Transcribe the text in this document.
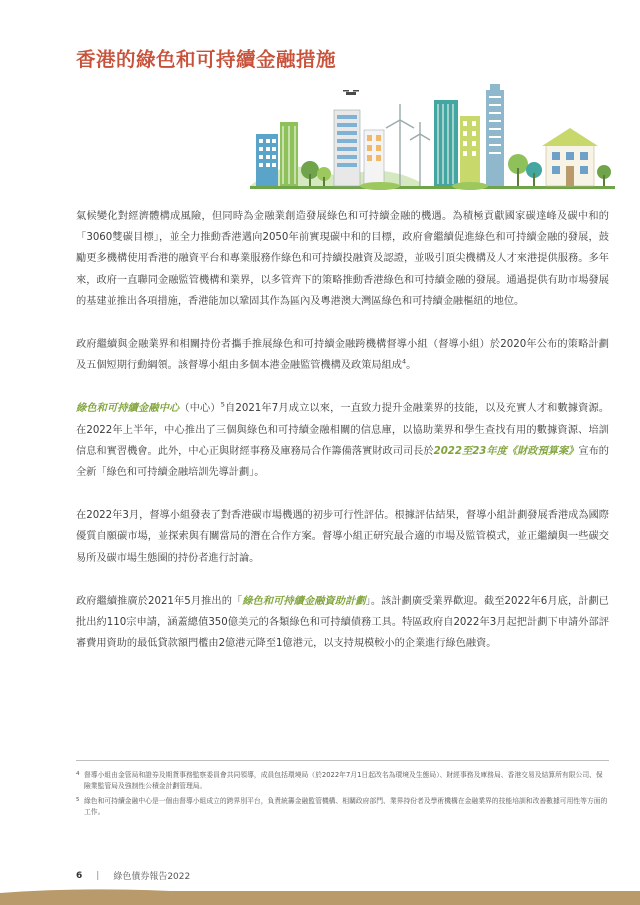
香港的綠色和可持續金融措施

氣候變化對經濟體構成風險，但同時為金融業創造發展綠色和可持續金融的機遇。為積極貢獻國家碳達峰及碳中和的「3060雙碳目標」，並全力推動香港邁向2050年前實現碳中和的目標，政府會繼續促進綠色和可持續金融的發展，鼓勵更多機構使用香港的融資平台和專業服務作綠色和可持續投融資及認證，並吸引頂尖機構及人才來港提供服務。多年來，政府一直聯同金融監管機構和業界，以多管齊下的策略推動香港綠色和可持續金融的發展。通過提供有助市場發展的基建並推出各項措施，香港能加以鞏固其作為區內及粵港澳大灣區綠色和可持續金融樞紐的地位。

政府繼續與金融業界和相關持份者攜手推展綠色和可持續金融跨機構督導小組（督導小組）於2020年公布的策略計劃及五個短期行動綱領。該督導小組由多個本港金融監管機構及政策局組成$^4$。

綠色和可持續金融中心（中心）$^5$自2021年7月成立以來，一直致力提升金融業界的技能，以及充實人才和數據資源。在2022年上半年，中心推出了三個與綠色和可持續金融相關的信息庫，以協助業界和學生查找有用的數據資源、培訓信息和實習機會。此外，中心正與財經事務及庫務局合作籌備落實財政司司長於2022至23年度《財政預算案》宣布的全新「綠色和可持續金融培訓先導計劃」。

在2022年3月，督導小組發表了對香港碳市場機遇的初步可行性評估。根據評估結果，督導小組計劃發展香港成為國際優質自願碳市場，並探索與有關當局的潛在合作方案。督導小組正研究最合適的市場及監管模式，並正繼續與一些碳交易所及碳市場生態圈的持份者進行討論。

政府繼續推廣於2021年5月推出的「綠色和可持續金融資助計劃」。該計劃廣受業界歡迎。截至2022年6月底，計劃已批出約110宗申請，涵蓋總值350億美元的各類綠色和可持續債務工具。特區政府自2022年3月起把計劃下申請外部評審費用資助的最低貸款額門檻由2億港元降至1億港元，以支持規模較小的企業進行綠色融資。

4 督導小組由金管局和證券及期貨事務監察委員會共同領導，成員包括環境局（於2022年7月1日起改名為環境及生態局）、財經事務及庫務局、香港交易及結算所有限公司、保險業監管局及強制性公積金計劃管理局。
5 綠色和可持續金融中心是一個由督導小組成立的跨界別平台，負責統籌金融監管機構、相關政府部門、業界持份者及學術機構在金融業界的技能培訓和改善數據可用性等方面的工作。
6 | 綠色債券報告2022
